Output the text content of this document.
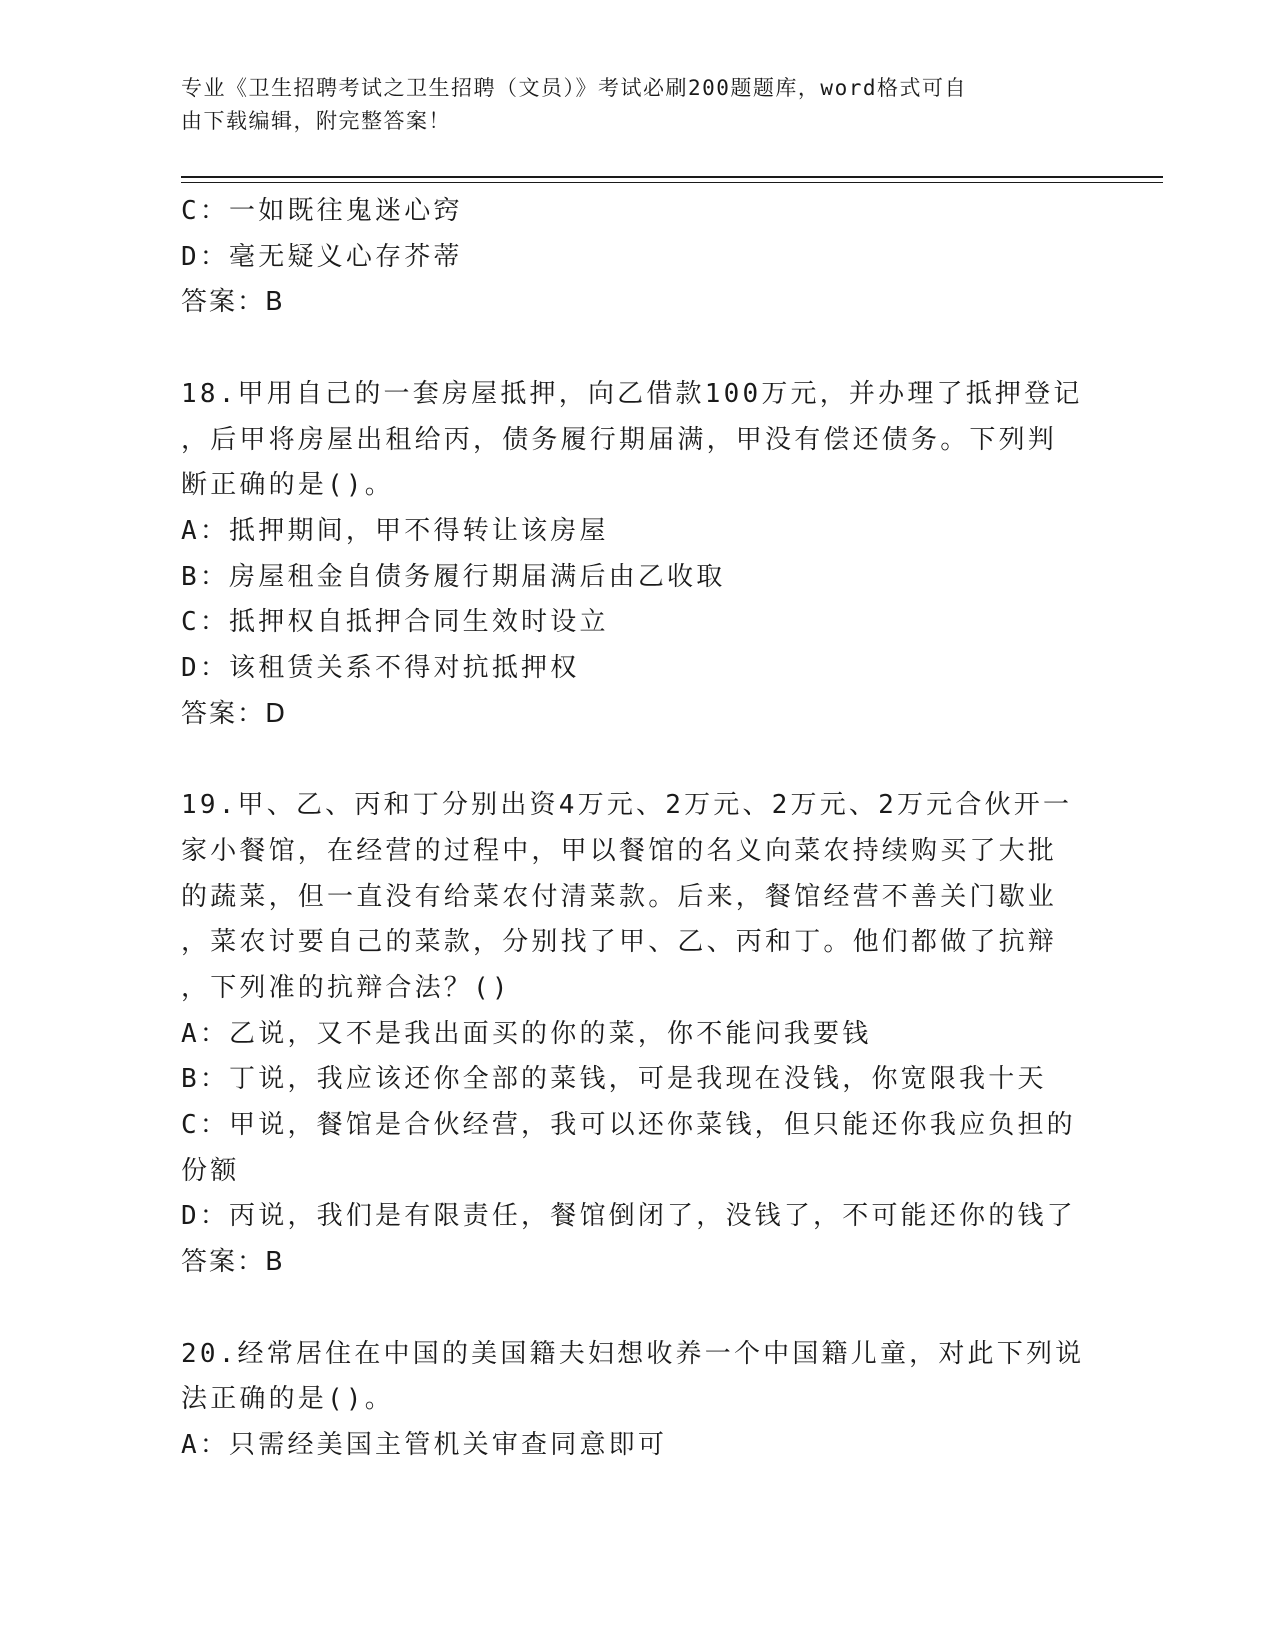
专业《卫生招聘考试之卫生招聘（文员）》考试必刷200题题库，word格式可自
由下载编辑，附完整答案！
C：一如既往鬼迷心窍
D：毫无疑义心存芥蒂
答案：B
18.甲用自己的一套房屋抵押，向乙借款100万元，并办理了抵押登记
，后甲将房屋出租给丙，债务履行期届满，甲没有偿还债务。下列判
断正确的是()。
A：抵押期间，甲不得转让该房屋
B：房屋租金自债务履行期届满后由乙收取
C：抵押权自抵押合同生效时设立
D：该租赁关系不得对抗抵押权
答案：D
19.甲、乙、丙和丁分别出资4万元、2万元、2万元、2万元合伙开一
家小餐馆，在经营的过程中，甲以餐馆的名义向菜农持续购买了大批
的蔬菜，但一直没有给菜农付清菜款。后来，餐馆经营不善关门歇业
，菜农讨要自己的菜款，分别找了甲、乙、丙和丁。他们都做了抗辩
，下列准的抗辩合法？()
A：乙说，又不是我出面买的你的菜，你不能问我要钱
B：丁说，我应该还你全部的菜钱，可是我现在没钱，你宽限我十天
C：甲说，餐馆是合伙经营，我可以还你菜钱，但只能还你我应负担的
份额
D：丙说，我们是有限责任，餐馆倒闭了，没钱了，不可能还你的钱了
答案：B
20.经常居住在中国的美国籍夫妇想收养一个中国籍儿童，对此下列说
法正确的是()。
A：只需经美国主管机关审查同意即可
